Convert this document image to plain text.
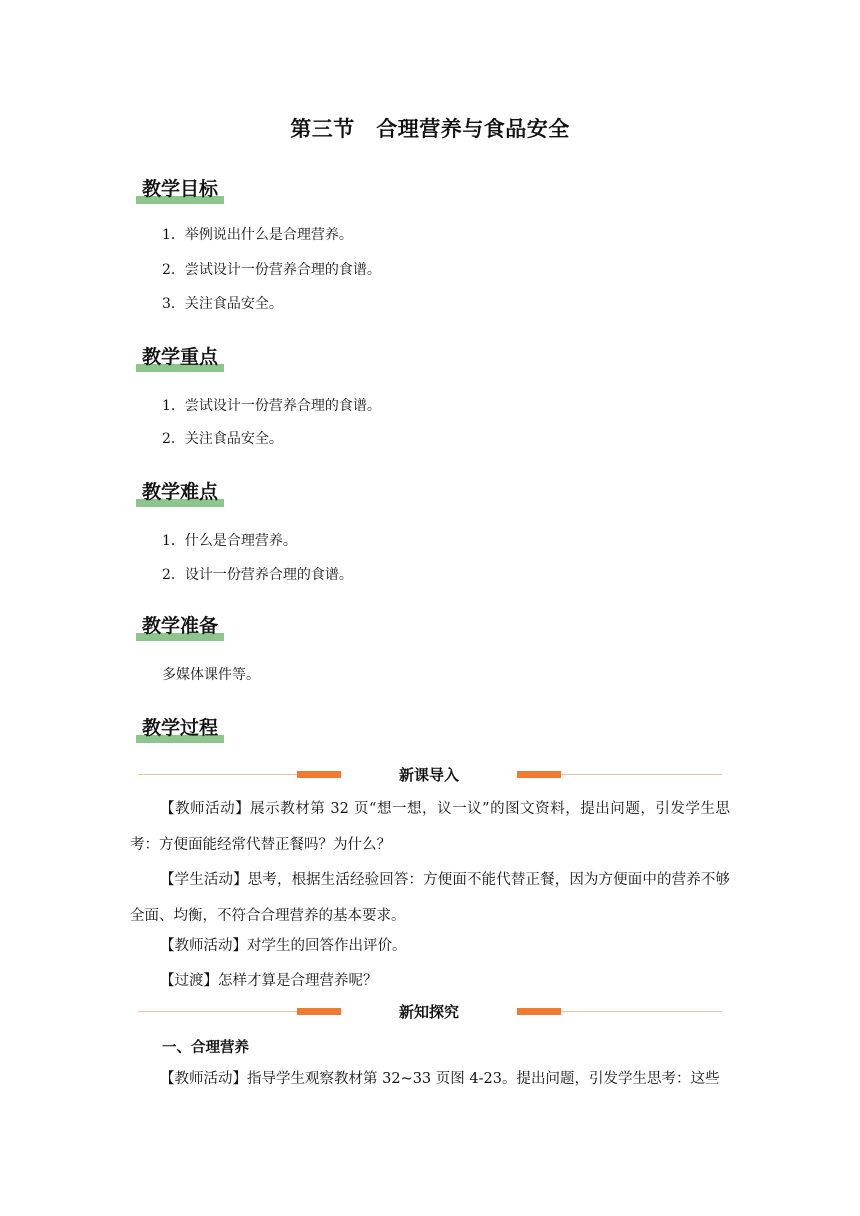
第三节　合理营养与食品安全
教学目标
1．举例说出什么是合理营养。
2．尝试设计一份营养合理的食谱。
3．关注食品安全。
教学重点
1．尝试设计一份营养合理的食谱。
2．关注食品安全。
教学难点
1．什么是合理营养。
2．设计一份营养合理的食谱。
教学准备
多媒体课件等。
教学过程
新课导入
【教师活动】展示教材第 32 页“想一想，议一议”的图文资料，提出问题，引发学生思考：方便面能经常代替正餐吗？为什么？
【学生活动】思考，根据生活经验回答：方便面不能代替正餐，因为方便面中的营养不够全面、均衡，不符合合理营养的基本要求。
【教师活动】对学生的回答作出评价。
【过渡】怎样才算是合理营养呢？
新知探究
一、合理营养
【教师活动】指导学生观察教材第 32~33 页图 4-23。提出问题，引发学生思考：这些
